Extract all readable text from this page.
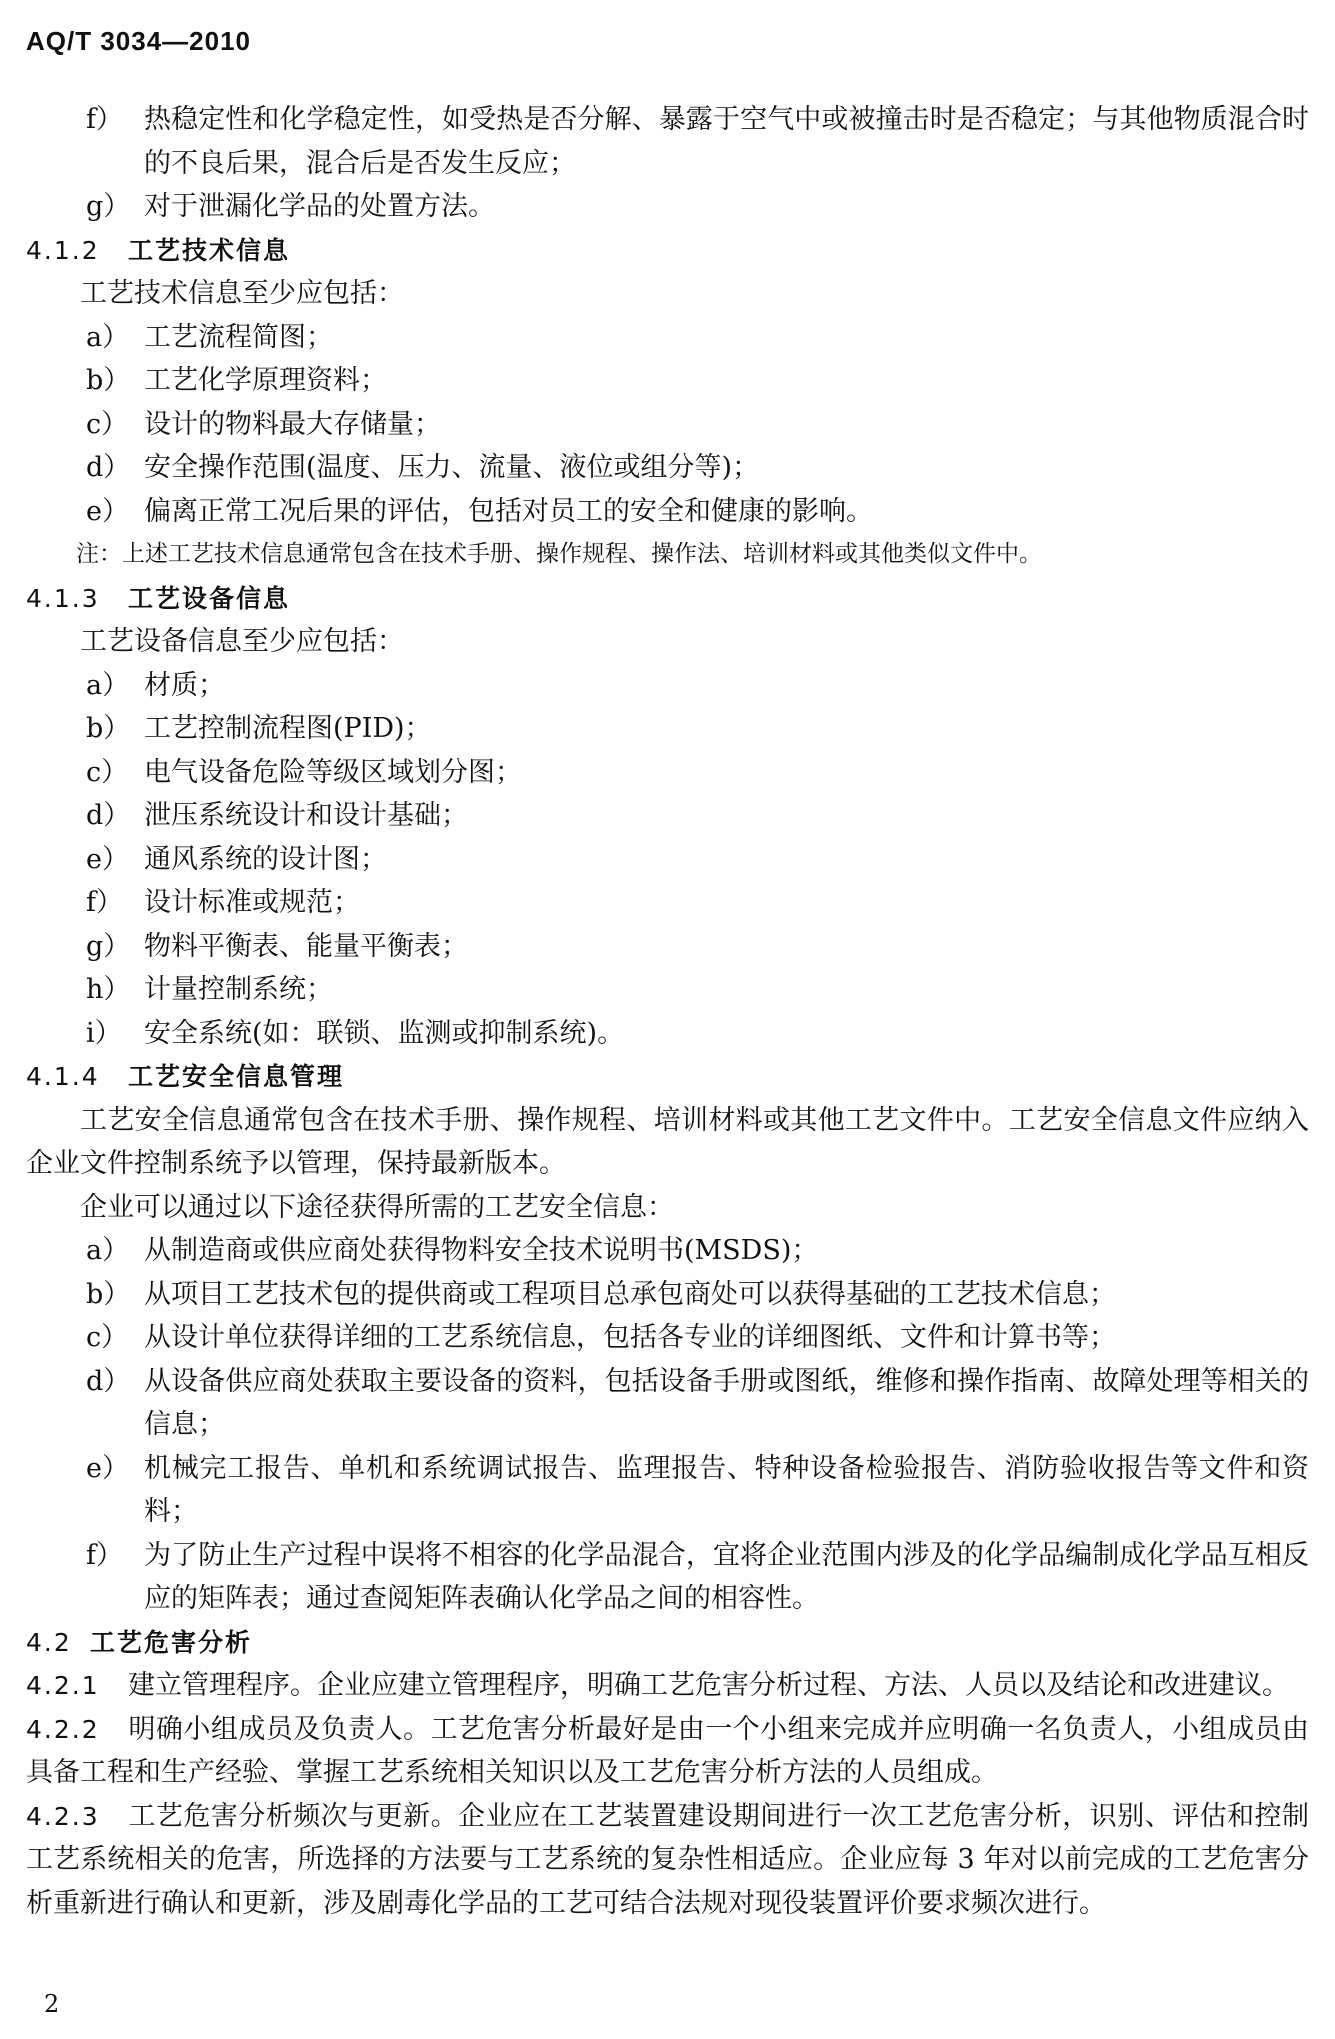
AQ/T 3034—2010
f） 热稳定性和化学稳定性，如受热是否分解、暴露于空气中或被撞击时是否稳定；与其他物质混合时的不良后果，混合后是否发生反应；
g） 对于泄漏化学品的处置方法。
4.1.2 工艺技术信息
工艺技术信息至少应包括：
a） 工艺流程简图；
b） 工艺化学原理资料；
c） 设计的物料最大存储量；
d） 安全操作范围(温度、压力、流量、液位或组分等)；
e） 偏离正常工况后果的评估，包括对员工的安全和健康的影响。
注：上述工艺技术信息通常包含在技术手册、操作规程、操作法、培训材料或其他类似文件中。
4.1.3 工艺设备信息
工艺设备信息至少应包括：
a） 材质；
b） 工艺控制流程图(PID)；
c） 电气设备危险等级区域划分图；
d） 泄压系统设计和设计基础；
e） 通风系统的设计图；
f） 设计标准或规范；
g） 物料平衡表、能量平衡表；
h） 计量控制系统；
i） 安全系统(如：联锁、监测或抑制系统)。
4.1.4 工艺安全信息管理
工艺安全信息通常包含在技术手册、操作规程、培训材料或其他工艺文件中。工艺安全信息文件应纳入企业文件控制系统予以管理，保持最新版本。
企业可以通过以下途径获得所需的工艺安全信息：
a） 从制造商或供应商处获得物料安全技术说明书(MSDS)；
b） 从项目工艺技术包的提供商或工程项目总承包商处可以获得基础的工艺技术信息；
c） 从设计单位获得详细的工艺系统信息，包括各专业的详细图纸、文件和计算书等；
d） 从设备供应商处获取主要设备的资料，包括设备手册或图纸，维修和操作指南、故障处理等相关的信息；
e） 机械完工报告、单机和系统调试报告、监理报告、特种设备检验报告、消防验收报告等文件和资料；
f） 为了防止生产过程中误将不相容的化学品混合，宜将企业范围内涉及的化学品编制成化学品互相反应的矩阵表；通过查阅矩阵表确认化学品之间的相容性。
4.2 工艺危害分析
4.2.1 建立管理程序。企业应建立管理程序，明确工艺危害分析过程、方法、人员以及结论和改进建议。
4.2.2 明确小组成员及负责人。工艺危害分析最好是由一个小组来完成并应明确一名负责人，小组成员由具备工程和生产经验、掌握工艺系统相关知识以及工艺危害分析方法的人员组成。
4.2.3 工艺危害分析频次与更新。企业应在工艺装置建设期间进行一次工艺危害分析，识别、评估和控制工艺系统相关的危害，所选择的方法要与工艺系统的复杂性相适应。企业应每 3 年对以前完成的工艺危害分析重新进行确认和更新，涉及剧毒化学品的工艺可结合法规对现役装置评价要求频次进行。
2
